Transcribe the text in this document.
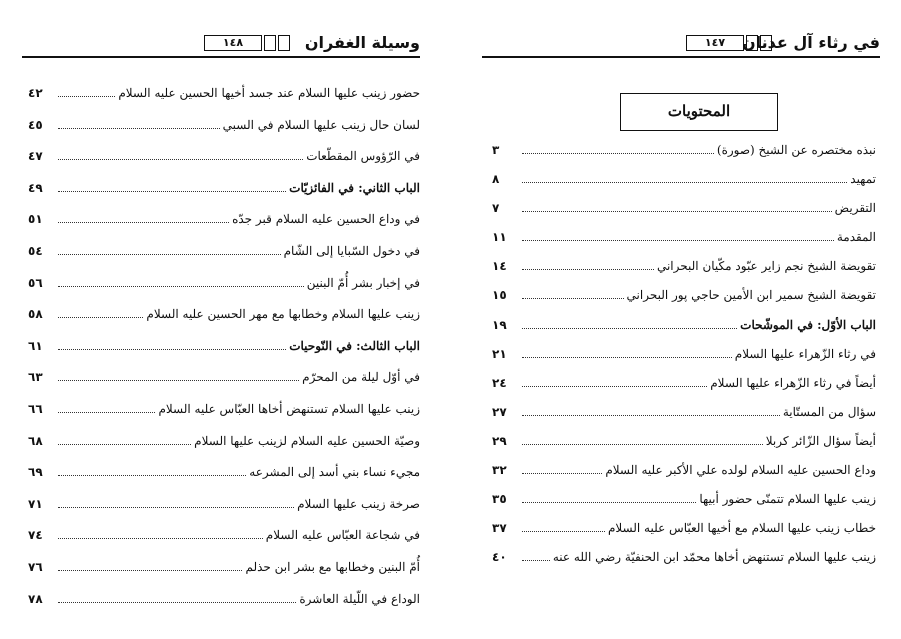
وسيلة الغفران
١٤٨
حضور زينب عليها السلام عند جسد أخيها الحسين عليه السلام
٤٢
لسان حال زينب عليها السلام في السبي
٤٥
في الرّؤوس المقطّعات
٤٧
الباب الثاني: في الفائزيّات
٤٩
في وداع الحسين عليه السلام قبر جدّه
٥١
في دخول السّبايا إلى الشّام
٥٤
في إخبار بشر أُمّ البنين
٥٦
زينب عليها السلام وخطابها مع مهر الحسين عليه السلام
٥٨
الباب الثالث: في النّوحيات
٦١
في أوّل ليلة من المحرّم
٦٣
زينب عليها السلام تستنهض أخاها العبّاس عليه السلام
٦٦
وصيّة الحسين عليه السلام لزينب عليها السلام
٦٨
مجيء نساء بني أسد إلى المشرعه
٦٩
صرخة زينب عليها السلام
٧١
في شجاعة العبّاس عليه السلام
٧٤
أُمّ البنين وخطابها مع بشر ابن حذلم
٧٦
الوداع في اللّيلة العاشرة
٧٨
في رثاء آل عدنان
١٤٧
المحتويات
نبذه مختصره عن الشيخ (صورة)
٣
تمهيد
٨
التقريض
٧
المقدمة
١١
تقويضة الشيخ نجم زاير عبّود مكّيان البحراني
١٤
تقويضة الشيخ سمير ابن الأمين حاجي پور البحراني
١٥
الباب الأوّل: في الموشّحات
١٩
في رثاء الزّهراء عليها السلام
٢١
أيضاً في رثاء الزّهراء عليها السلام
٢٤
سؤال من المستّاية
٢٧
أيضاً سؤال الزّائر كربلا
٢٩
وداع الحسين عليه السلام لولده علي الأكبر عليه السلام
٣٢
زينب عليها السلام تتمنّى حضور أبيها
٣٥
خطاب زينب عليها السلام مع أخيها العبّاس عليه السلام
٣٧
زينب عليها السلام تستنهض أخاها محمّد ابن الحنفيّة رضي الله عنه
٤٠
